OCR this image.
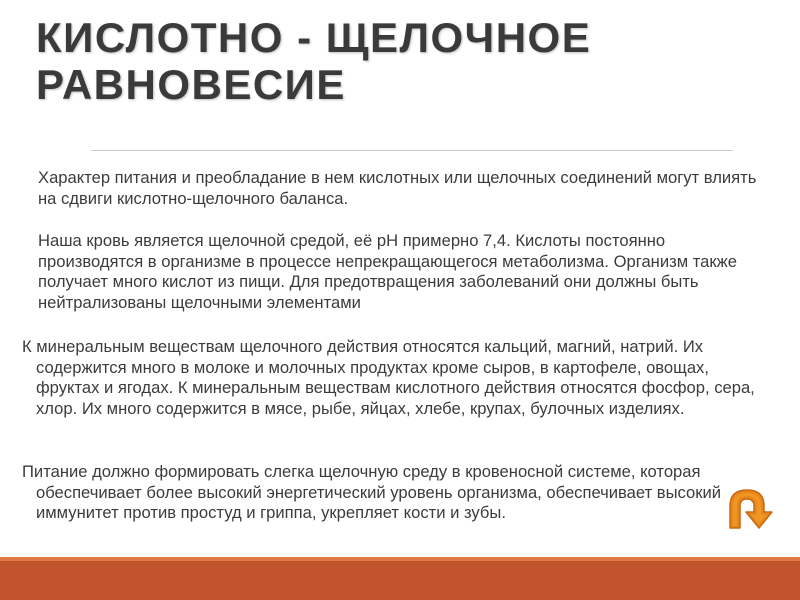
КИСЛОТНО - ЩЕЛОЧНОЕ
РАВНОВЕСИЕ

Характер питания и преобладание в нем кислотных или щелочных соединений могут влиять на сдвиги кислотно-щелочного баланса.

Наша кровь является щелочной средой, её pH примерно 7,4. Кислоты постоянно производятся в организме в процессе непрекращающегося метаболизма. Организм также получает много кислот из пищи. Для предотвращения заболеваний они должны быть нейтрализованы щелочными элементами

К минеральным веществам щелочного действия относятся кальций, магний, натрий. Их содержится много в молоке и молочных продуктах кроме сыров, в картофеле, овощах, фруктах и ягодах. К минеральным веществам кислотного действия относятся фосфор, сера, хлор. Их много содержится в мясе, рыбе, яйцах, хлебе, крупах, булочных изделиях.

Питание должно формировать слегка щелочную среду в кровеносной системе, которая обеспечивает более высокий энергетический уровень организма, обеспечивает высокий иммунитет против простуд и гриппа, укрепляет кости и зубы.
